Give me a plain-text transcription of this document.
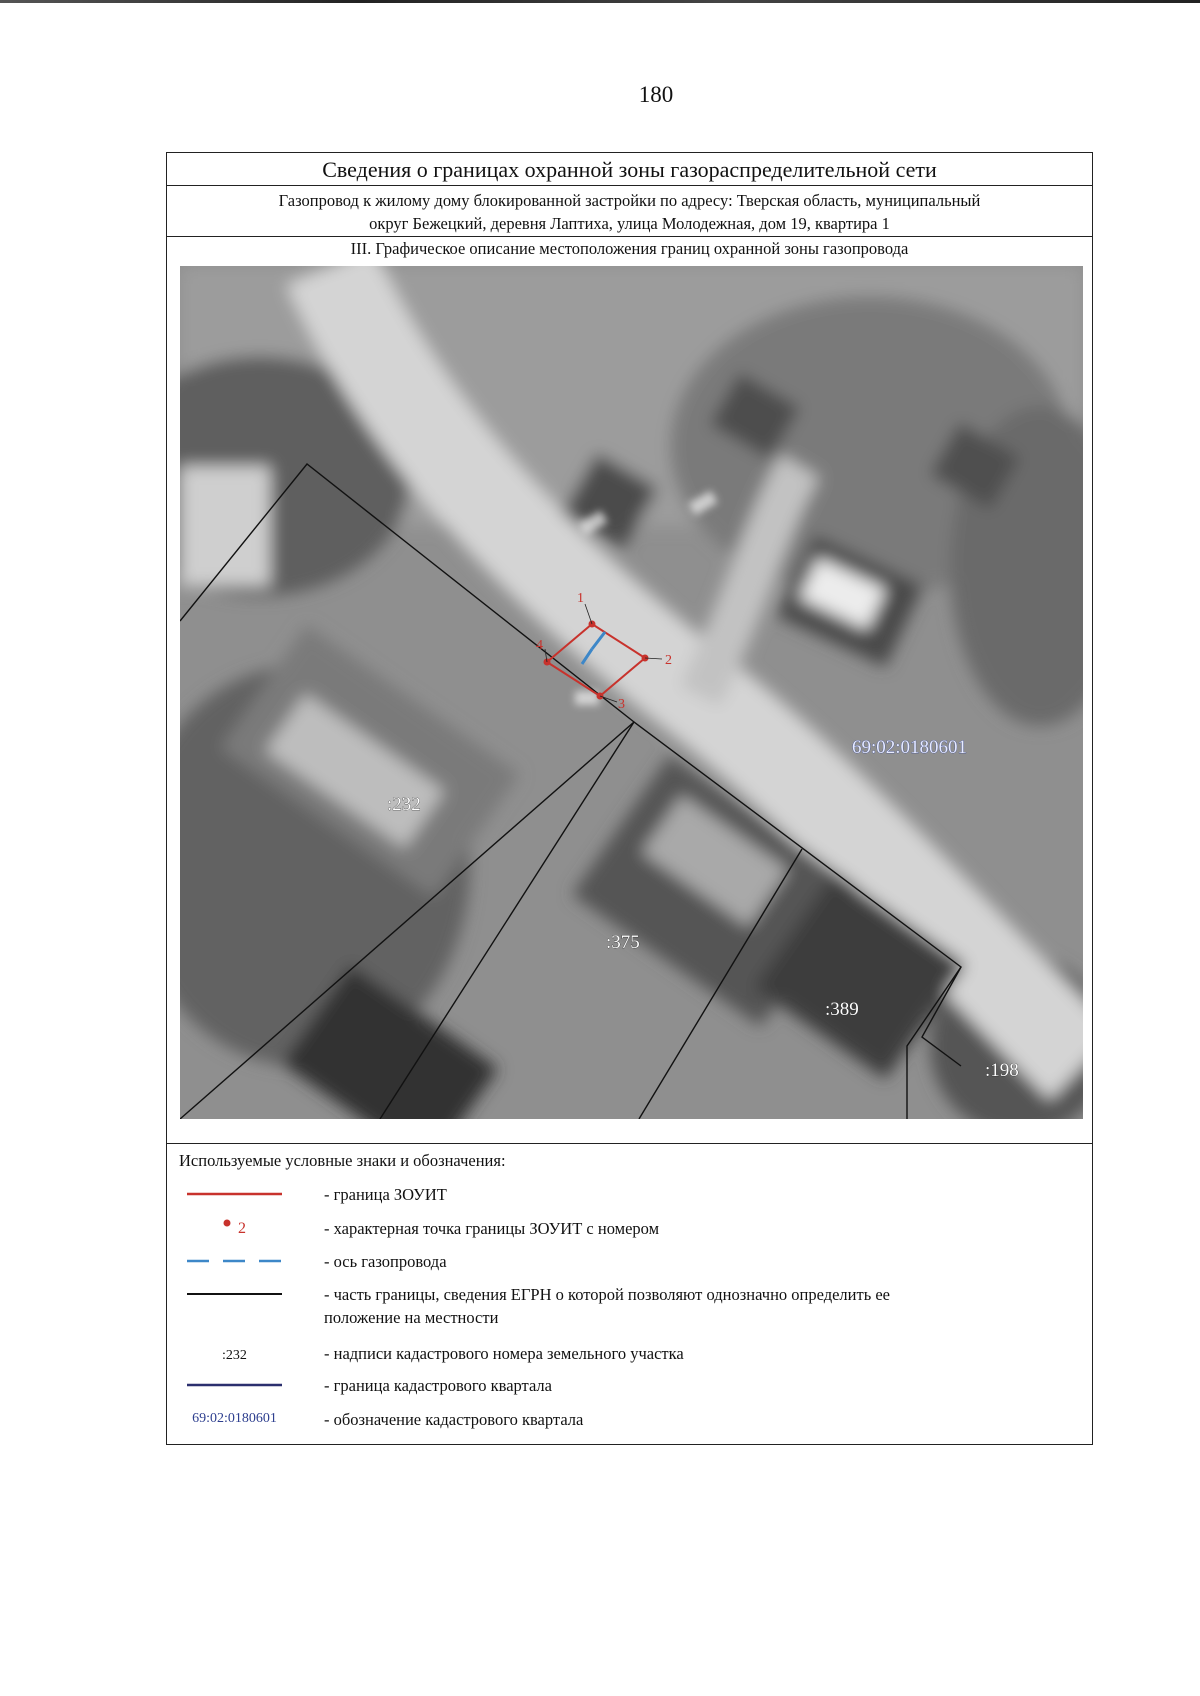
180
Сведения о границах охранной зоны газораспределительной сети
Газопровод к жилому дому блокированной застройки по адресу: Тверская область, муниципальный
округ Бежецкий, деревня Лаптиха, улица Молодежная, дом 19, квартира 1
III. Графическое описание местоположения границ охранной зоны газопровода
1
2
3
4
:232
:375
:389
:198
69:02:0180601
Используемые условные знаки и обозначения:
- граница ЗОУИТ
2	- характерная точка границы ЗОУИТ с номером
- ось газопровода
- часть границы, сведения ЕГРН о которой позволяют однозначно определить ее
положение на местности
:232	- надписи кадастрового номера земельного участка
- граница кадастрового квартала
69:02:0180601	- обозначение кадастрового квартала
